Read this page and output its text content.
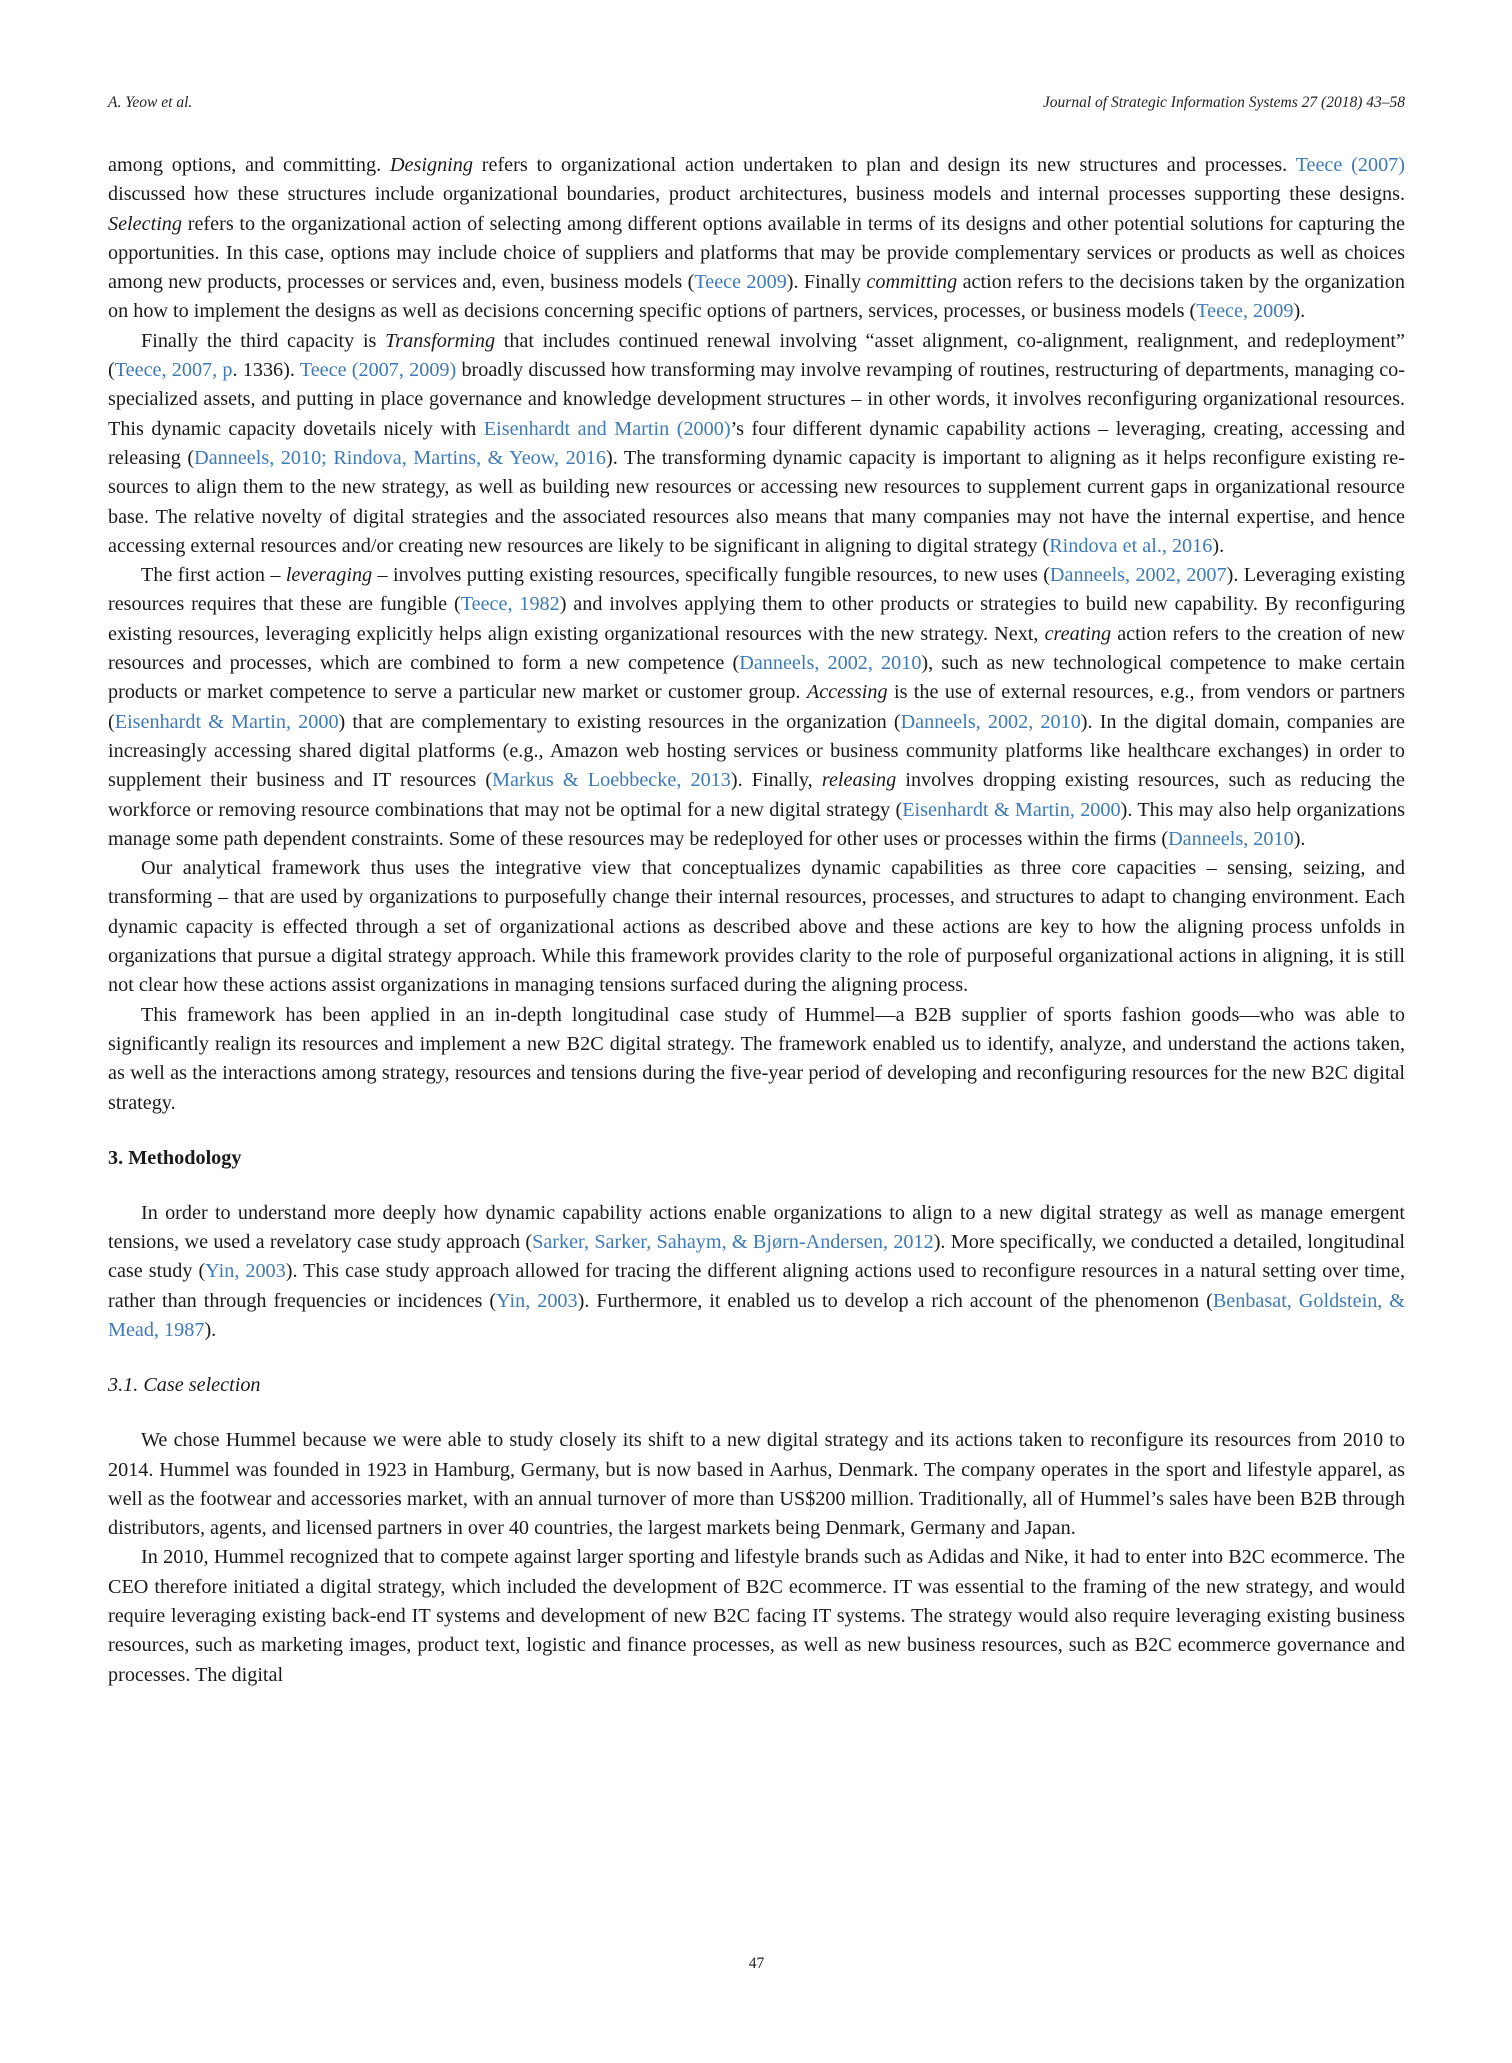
A. Yeow et al.	Journal of Strategic Information Systems 27 (2018) 43–58

among options, and committing. Designing refers to organizational action undertaken to plan and design its new structures and processes. Teece (2007) discussed how these structures include organizational boundaries, product architectures, business models and internal processes supporting these designs. Selecting refers to the organizational action of selecting among different options available in terms of its designs and other potential solutions for capturing the opportunities. In this case, options may include choice of suppliers and platforms that may be provide complementary services or products as well as choices among new products, processes or services and, even, business models (Teece 2009). Finally committing action refers to the decisions taken by the organization on how to implement the designs as well as decisions concerning specific options of partners, services, processes, or business models (Teece, 2009).

Finally the third capacity is Transforming that includes continued renewal involving “asset alignment, co-alignment, realignment, and redeployment” (Teece, 2007, p. 1336). Teece (2007, 2009) broadly discussed how transforming may involve revamping of routines, restructuring of departments, managing co-specialized assets, and putting in place governance and knowledge development structures – in other words, it involves reconfiguring organizational resources. This dynamic capacity dovetails nicely with Eisenhardt and Martin (2000)’s four different dynamic capability actions – leveraging, creating, accessing and releasing (Danneels, 2010; Rindova, Martins, & Yeow, 2016). The transforming dynamic capacity is important to aligning as it helps reconfigure existing resources to align them to the new strategy, as well as building new resources or accessing new resources to supplement current gaps in organizational resource base. The relative novelty of digital strategies and the associated resources also means that many companies may not have the internal expertise, and hence accessing external resources and/or creating new resources are likely to be significant in aligning to digital strategy (Rindova et al., 2016).

The first action – leveraging – involves putting existing resources, specifically fungible resources, to new uses (Danneels, 2002, 2007). Leveraging existing resources requires that these are fungible (Teece, 1982) and involves applying them to other products or strategies to build new capability. By reconfiguring existing resources, leveraging explicitly helps align existing organizational resources with the new strategy. Next, creating action refers to the creation of new resources and processes, which are combined to form a new competence (Danneels, 2002, 2010), such as new technological competence to make certain products or market competence to serve a particular new market or customer group. Accessing is the use of external resources, e.g., from vendors or partners (Eisenhardt & Martin, 2000) that are complementary to existing resources in the organization (Danneels, 2002, 2010). In the digital domain, companies are increasingly accessing shared digital platforms (e.g., Amazon web hosting services or business community platforms like healthcare exchanges) in order to supplement their business and IT resources (Markus & Loebbecke, 2013). Finally, releasing involves dropping existing resources, such as reducing the workforce or removing resource combinations that may not be optimal for a new digital strategy (Eisenhardt & Martin, 2000). This may also help organizations manage some path dependent constraints. Some of these resources may be redeployed for other uses or processes within the firms (Danneels, 2010).

Our analytical framework thus uses the integrative view that conceptualizes dynamic capabilities as three core capacities – sensing, seizing, and transforming – that are used by organizations to purposefully change their internal resources, processes, and structures to adapt to changing environment. Each dynamic capacity is effected through a set of organizational actions as described above and these actions are key to how the aligning process unfolds in organizations that pursue a digital strategy approach. While this framework provides clarity to the role of purposeful organizational actions in aligning, it is still not clear how these actions assist organizations in managing tensions surfaced during the aligning process.

This framework has been applied in an in-depth longitudinal case study of Hummel—a B2B supplier of sports fashion goods—who was able to significantly realign its resources and implement a new B2C digital strategy. The framework enabled us to identify, analyze, and understand the actions taken, as well as the interactions among strategy, resources and tensions during the five-year period of developing and reconfiguring resources for the new B2C digital strategy.

3. Methodology

In order to understand more deeply how dynamic capability actions enable organizations to align to a new digital strategy as well as manage emergent tensions, we used a revelatory case study approach (Sarker, Sarker, Sahaym, & Bjørn-Andersen, 2012). More specifically, we conducted a detailed, longitudinal case study (Yin, 2003). This case study approach allowed for tracing the different aligning actions used to reconfigure resources in a natural setting over time, rather than through frequencies or incidences (Yin, 2003). Furthermore, it enabled us to develop a rich account of the phenomenon (Benbasat, Goldstein, & Mead, 1987).

3.1. Case selection

We chose Hummel because we were able to study closely its shift to a new digital strategy and its actions taken to reconfigure its resources from 2010 to 2014. Hummel was founded in 1923 in Hamburg, Germany, but is now based in Aarhus, Denmark. The company operates in the sport and lifestyle apparel, as well as the footwear and accessories market, with an annual turnover of more than US$200 million. Traditionally, all of Hummel’s sales have been B2B through distributors, agents, and licensed partners in over 40 countries, the largest markets being Denmark, Germany and Japan.

In 2010, Hummel recognized that to compete against larger sporting and lifestyle brands such as Adidas and Nike, it had to enter into B2C ecommerce. The CEO therefore initiated a digital strategy, which included the development of B2C ecommerce. IT was essential to the framing of the new strategy, and would require leveraging existing back-end IT systems and development of new B2C facing IT systems. The strategy would also require leveraging existing business resources, such as marketing images, product text, logistic and finance processes, as well as new business resources, such as B2C ecommerce governance and processes. The digital

47
